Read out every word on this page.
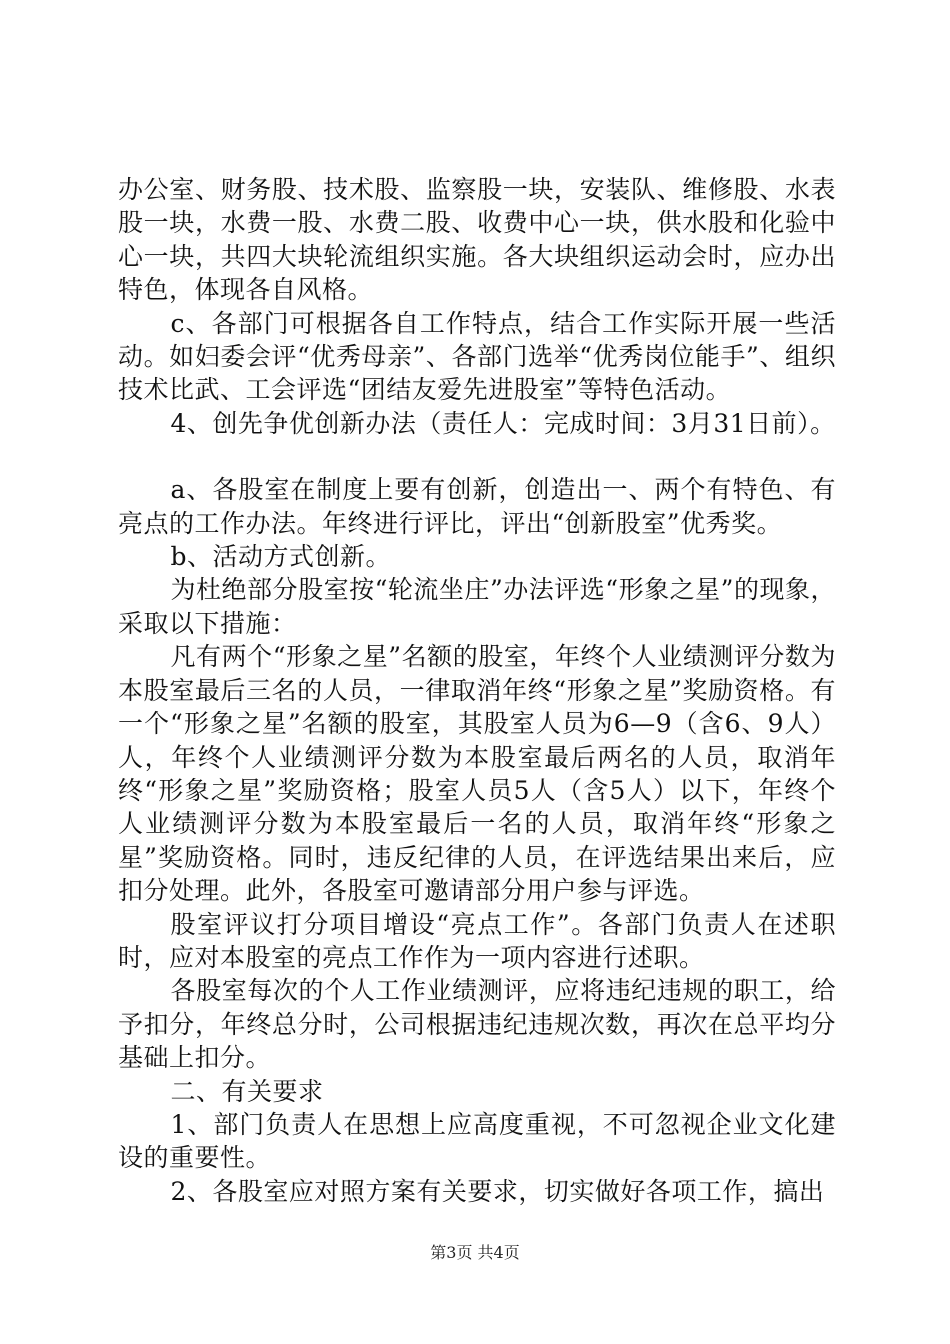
办公室、财务股、技术股、监察股一块，安装队、维修股、水表股一块，水费一股、水费二股、收费中心一块，供水股和化验中心一块，共四大块轮流组织实施。各大块组织运动会时，应办出特色，体现各自风格。

c、各部门可根据各自工作特点，结合工作实际开展一些活动。如妇委会评“优秀母亲”、各部门选举“优秀岗位能手”、组织技术比武、工会评选“团结友爱先进股室”等特色活动。

4、创先争优创新办法（责任人：完成时间：3月31日前）。

a、各股室在制度上要有创新，创造出一、两个有特色、有亮点的工作办法。年终进行评比，评出“创新股室”优秀奖。

b、活动方式创新。

为杜绝部分股室按“轮流坐庄”办法评选“形象之星”的现象，采取以下措施：

凡有两个“形象之星”名额的股室，年终个人业绩测评分数为本股室最后三名的人员，一律取消年终“形象之星”奖励资格。有一个“形象之星”名额的股室，其股室人员为6—9（含6、9人）人，年终个人业绩测评分数为本股室最后两名的人员，取消年终“形象之星”奖励资格；股室人员5人（含5人）以下，年终个人业绩测评分数为本股室最后一名的人员，取消年终“形象之星”奖励资格。同时，违反纪律的人员，在评选结果出来后，应扣分处理。此外，各股室可邀请部分用户参与评选。

股室评议打分项目增设“亮点工作”。各部门负责人在述职时，应对本股室的亮点工作作为一项内容进行述职。

各股室每次的个人工作业绩测评，应将违纪违规的职工，给予扣分，年终总分时，公司根据违纪违规次数，再次在总平均分基础上扣分。

二、有关要求

1、部门负责人在思想上应高度重视，不可忽视企业文化建设的重要性。

2、各股室应对照方案有关要求，切实做好各项工作，搞出

第3页 共4页
